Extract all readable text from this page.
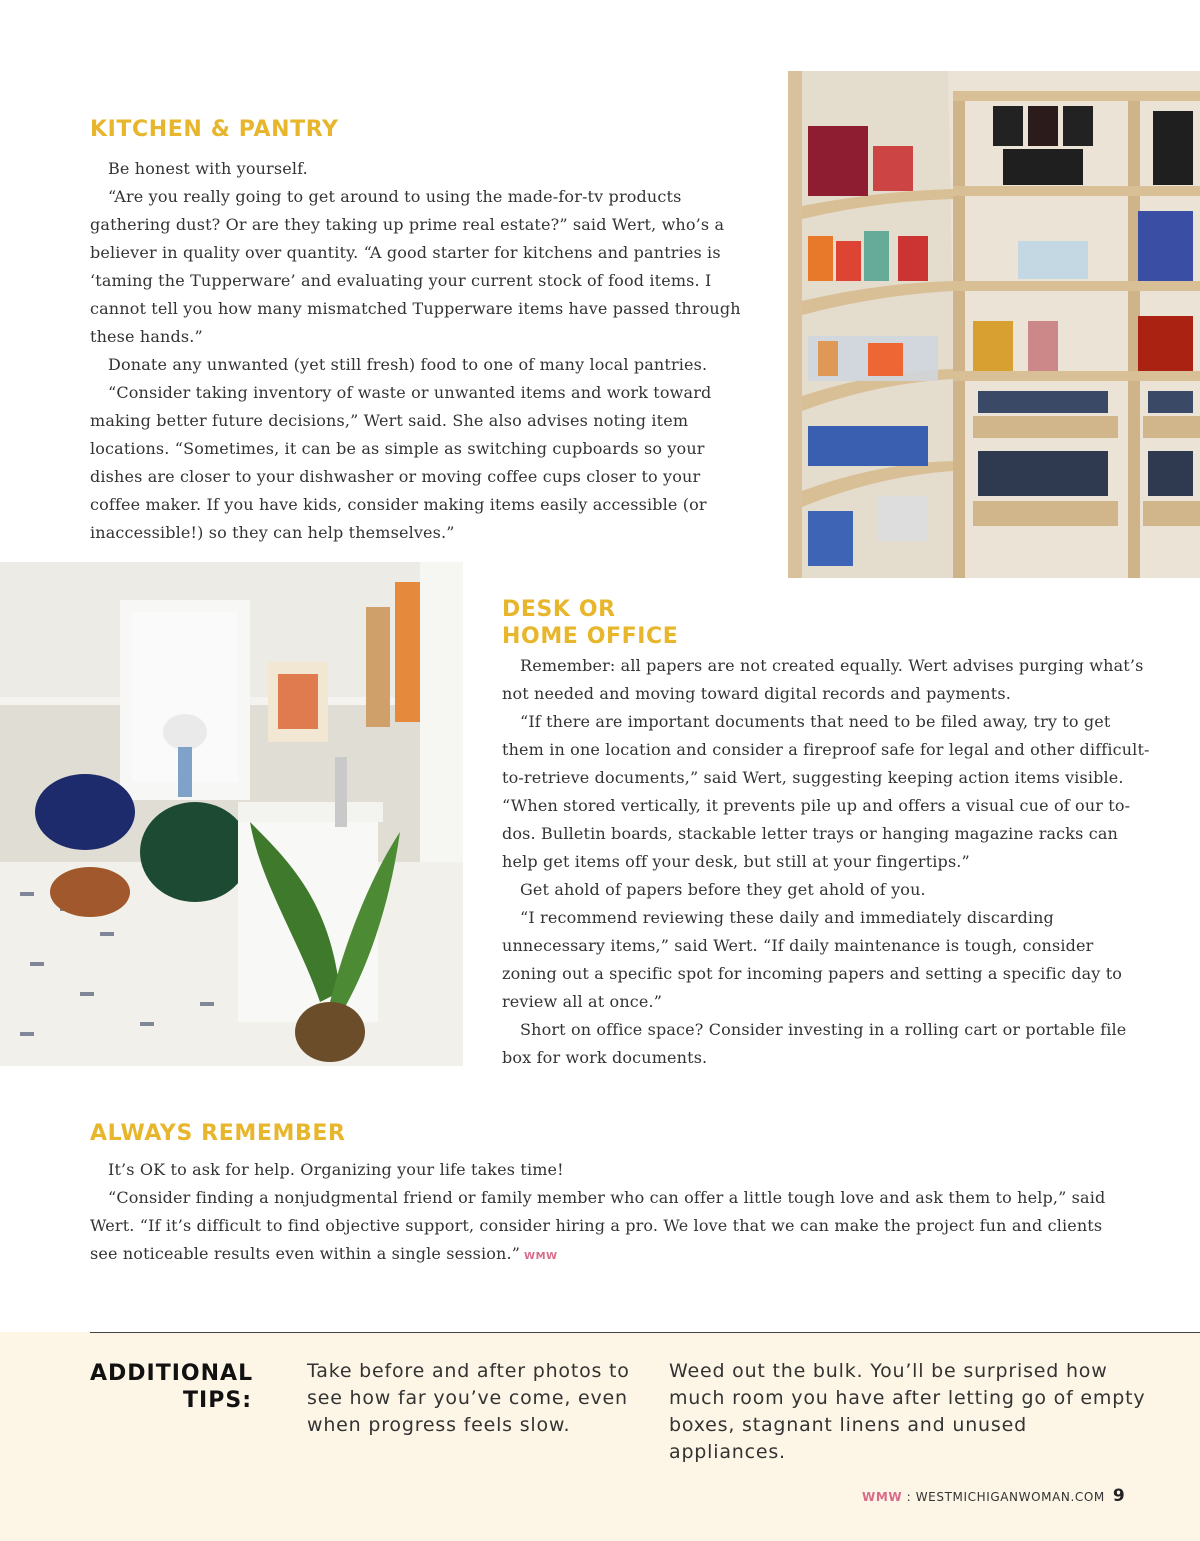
KITCHEN & PANTRY

Be honest with yourself.

“Are you really going to get around to using the made-for-tv products gathering dust? Or are they taking up prime real estate?” said Wert, who’s a believer in quality over quantity. “A good starter for kitchens and pantries is ‘taming the Tupperware’ and evaluating your current stock of food items. I cannot tell you how many mismatched Tupperware items have passed through these hands.”

Donate any unwanted (yet still fresh) food to one of many local pantries.

“Consider taking inventory of waste or unwanted items and work toward making better future decisions,” Wert said. She also advises noting item locations. “Sometimes, it can be as simple as switching cupboards so your dishes are closer to your dishwasher or moving coffee cups closer to your coffee maker. If you have kids, consider making items easily accessible (or inaccessible!) so they can help themselves.”

DESK OR
HOME OFFICE

Remember: all papers are not created equally. Wert advises purging what’s not needed and moving toward digital records and payments.

“If there are important documents that need to be filed away, try to get them in one location and consider a fireproof safe for legal and other difficult-to-retrieve documents,” said Wert, suggesting keeping action items visible. “When stored vertically, it prevents pile up and offers a visual cue of our to-dos. Bulletin boards, stackable letter trays or hanging magazine racks can help get items off your desk, but still at your fingertips.”

Get ahold of papers before they get ahold of you.

“I recommend reviewing these daily and immediately discarding unnecessary items,” said Wert. “If daily maintenance is tough, consider zoning out a specific spot for incoming papers and setting a specific day to review all at once.”

Short on office space? Consider investing in a rolling cart or portable file box for work documents.

ALWAYS REMEMBER

It’s OK to ask for help. Organizing your life takes time!

“Consider finding a nonjudgmental friend or family member who can offer a little tough love and ask them to help,” said Wert. “If it’s difficult to find objective support, consider hiring a pro. We love that we can make the project fun and clients see noticeable results even within a single session.” WMW

ADDITIONAL
TIPS:
Take before and after photos to see how far you’ve come, even when progress feels slow.
Weed out the bulk. You’ll be surprised how much room you have after letting go of empty boxes, stagnant linens and unused appliances.
WMW : WESTMICHIGANWOMAN.COM 9
